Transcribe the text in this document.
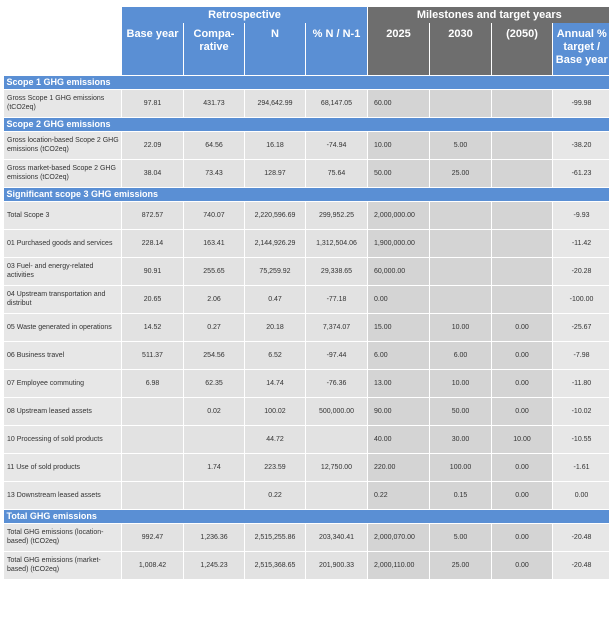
	Retrospective				Milestones and target years			
	Base year	Compa-
rative	N	% N / N-1	2025	2030	(2050)	Annual %
target /
Base year
Scope 1 GHG emissions								
Gross Scope 1 GHG emissions (tCO2eq)	97.81	431.73	294,642.99	68,147.05	60.00			-99.98
Scope 2 GHG emissions								
Gross location-based Scope 2 GHG emissions (tCO2eq)	22.09	64.56	16.18	-74.94	10.00	5.00		-38.20
Gross market-based Scope 2 GHG emissions (tCO2eq)	38.04	73.43	128.97	75.64	50.00	25.00		-61.23
Significant scope 3 GHG emissions								
Total Scope 3	872.57	740.07	2,220,596.69	299,952.25	2,000,000.00			-9.93
01 Purchased goods and services	228.14	163.41	2,144,926.29	1,312,504.06	1,900,000.00			-11.42
03 Fuel- and energy-related activities	90.91	255.65	75,259.92	29,338.65	60,000.00			-20.28
04 Upstream transportation and distribut	20.65	2.06	0.47	-77.18	0.00			-100.00
05 Waste generated in operations	14.52	0.27	20.18	7,374.07	15.00	10.00	0.00	-25.67
06 Business travel	511.37	254.56	6.52	-97.44	6.00	6.00	0.00	-7.98
07 Employee commuting	6.98	62.35	14.74	-76.36	13.00	10.00	0.00	-11.80
08 Upstream leased assets		0.02	100.02	500,000.00	90.00	50.00	0.00	-10.02
10 Processing of sold products			44.72		40.00	30.00	10.00	-10.55
11 Use of sold products		1.74	223.59	12,750.00	220.00	100.00	0.00	-1.61
13 Downstream leased assets			0.22		0.22	0.15	0.00	0.00
Total GHG emissions								
Total GHG emissions (location-based) (tCO2eq)	992.47	1,236.36	2,515,255.86	203,340.41	2,000,070.00	5.00	0.00	-20.48
Total GHG emissions (market-based) (tCO2eq)	1,008.42	1,245.23	2,515,368.65	201,900.33	2,000,110.00	25.00	0.00	-20.48
